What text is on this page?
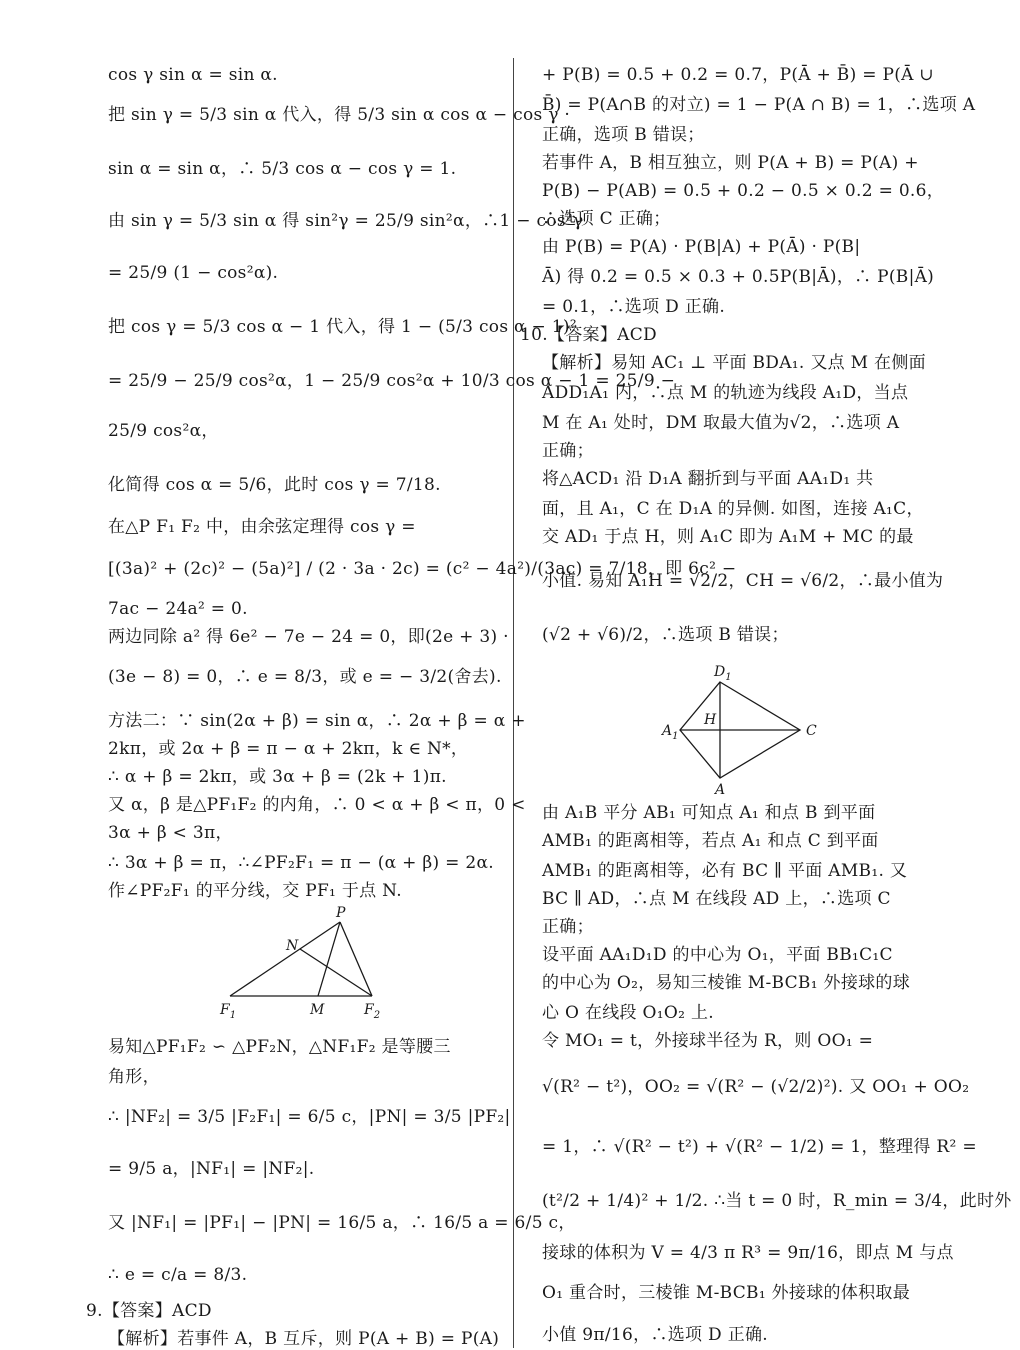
cos γ sin α = sin α.
把 sin γ = 5/3 sin α 代入，得 5/3 sin α cos α − cos γ ·
sin α = sin α，∴ 5/3 cos α − cos γ = 1.
由 sin γ = 5/3 sin α 得 sin²γ = 25/9 sin²α，∴1 − cos²γ
= 25/9 (1 − cos²α).
把 cos γ = 5/3 cos α − 1 代入，得 1 − (5/3 cos α − 1)²
= 25/9 − 25/9 cos²α，1 − 25/9 cos²α + 10/3 cos α − 1 = 25/9 −
25/9 cos²α，
化简得 cos α = 5/6，此时 cos γ = 7/18.
在△P F₁ F₂ 中，由余弦定理得 cos γ =
[(3a)² + (2c)² − (5a)²] / (2 · 3a · 2c) = (c² − 4a²)/(3ac) = 7/18，即 6c² −
7ac − 24a² = 0.
两边同除 a² 得 6e² − 7e − 24 = 0，即(2e + 3) ·
(3e − 8) = 0，∴ e = 8/3，或 e = − 3/2(舍去).
方法二：∵ sin(2α + β) = sin α，∴ 2α + β = α +
2kπ，或 2α + β = π − α + 2kπ，k ∈ N*，
∴ α + β = 2kπ，或 3α + β = (2k + 1)π.
又 α，β 是△PF₁F₂ 的内角，∴ 0 < α + β < π，0 <
3α + β < 3π，
∴ 3α + β = π，∴∠PF₂F₁ = π − (α + β) = 2α.
作∠PF₂F₁ 的平分线，交 PF₁ 于点 N.
易知△PF₁F₂ ∽ △PF₂N，△NF₁F₂ 是等腰三
角形，
∴ |NF₂| = 3/5 |F₂F₁| = 6/5 c，|PN| = 3/5 |PF₂|
= 9/5 a，|NF₁| = |NF₂|.
又 |NF₁| = |PF₁| − |PN| = 16/5 a，∴ 16/5 a = 6/5 c，
∴ e = c/a = 8/3.
9.【答案】ACD
【解析】若事件 A，B 互斥，则 P(A + B) = P(A)
+ P(B) = 0.5 + 0.2 = 0.7，P(Ā + B̄) = P(Ā ∪
B̄) = P(A∩B 的对立) = 1 − P(A ∩ B) = 1，∴选项 A
正确，选项 B 错误；
若事件 A，B 相互独立，则 P(A + B) = P(A) +
P(B) − P(AB) = 0.5 + 0.2 − 0.5 × 0.2 = 0.6，
∴选项 C 正确；
由 P(B) = P(A) · P(B|A) + P(Ā) · P(B|
Ā) 得 0.2 = 0.5 × 0.3 + 0.5P(B|Ā)，∴ P(B|Ā)
= 0.1，∴选项 D 正确.
10.【答案】ACD
【解析】易知 AC₁ ⊥ 平面 BDA₁. 又点 M 在侧面
ADD₁A₁ 内，∴点 M 的轨迹为线段 A₁D，当点
M 在 A₁ 处时，DM 取最大值为√2，∴选项 A
正确；
将△ACD₁ 沿 D₁A 翻折到与平面 AA₁D₁ 共
面，且 A₁，C 在 D₁A 的异侧. 如图，连接 A₁C，
交 AD₁ 于点 H，则 A₁C 即为 A₁M + MC 的最
小值. 易知 A₁H = √2/2，CH = √6/2，∴最小值为
(√2 + √6)/2，∴选项 B 错误；
由 A₁B 平分 AB₁ 可知点 A₁ 和点 B 到平面
AMB₁ 的距离相等，若点 A₁ 和点 C 到平面
AMB₁ 的距离相等，必有 BC ∥ 平面 AMB₁. 又
BC ∥ AD，∴点 M 在线段 AD 上，∴选项 C
正确；
设平面 AA₁D₁D 的中心为 O₁，平面 BB₁C₁C
的中心为 O₂，易知三棱锥 M-BCB₁ 外接球的球
心 O 在线段 O₁O₂ 上.
令 MO₁ = t，外接球半径为 R，则 OO₁ =
√(R² − t²)，OO₂ = √(R² − (√2/2)²). 又 OO₁ + OO₂
= 1，∴ √(R² − t²) + √(R² − 1/2) = 1，整理得 R² =
(t²/2 + 1/4)² + 1/2. ∴当 t = 0 时，R_min = 3/4，此时外
接球的体积为 V = 4/3 π R³ = 9π/16，即点 M 与点
O₁ 重合时，三棱锥 M-BCB₁ 外接球的体积取最
小值 9π/16，∴选项 D 正确.
P
N
$F_1$	M	$F_2$
$D_1$
H
$A_1$	C
A
